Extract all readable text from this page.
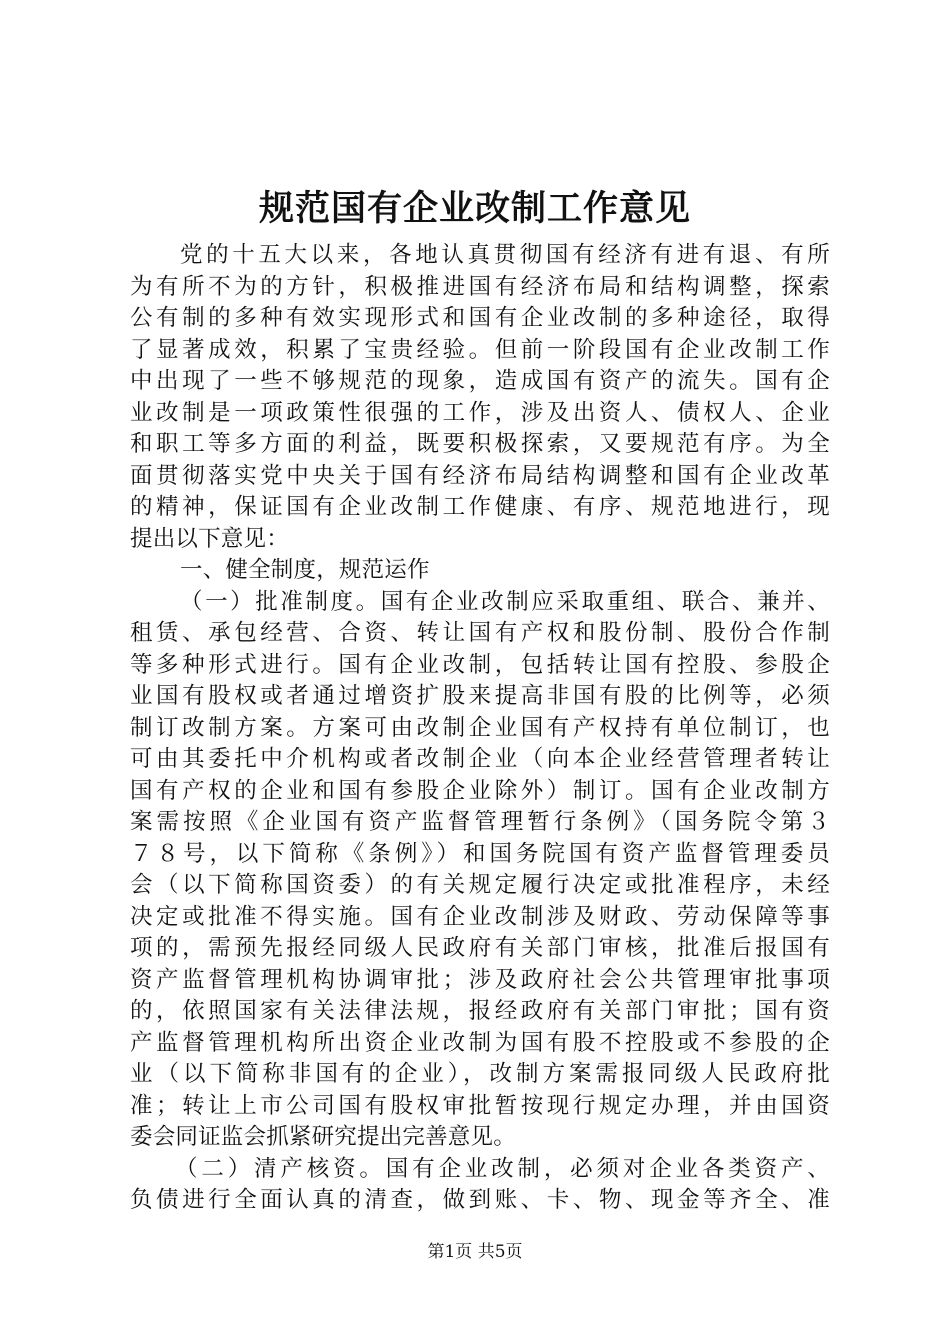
规范国有企业改制工作意见
党的十五大以来，各地认真贯彻国有经济有进有退、有所
为有所不为的方针，积极推进国有经济布局和结构调整，探索
公有制的多种有效实现形式和国有企业改制的多种途径，取得
了显著成效，积累了宝贵经验。但前一阶段国有企业改制工作
中出现了一些不够规范的现象，造成国有资产的流失。国有企
业改制是一项政策性很强的工作，涉及出资人、债权人、企业
和职工等多方面的利益，既要积极探索，又要规范有序。为全
面贯彻落实党中央关于国有经济布局结构调整和国有企业改革
的精神，保证国有企业改制工作健康、有序、规范地进行，现
提出以下意见：
一、健全制度，规范运作
（一）批准制度。国有企业改制应采取重组、联合、兼并、
租赁、承包经营、合资、转让国有产权和股份制、股份合作制
等多种形式进行。国有企业改制，包括转让国有控股、参股企
业国有股权或者通过增资扩股来提高非国有股的比例等，必须
制订改制方案。方案可由改制企业国有产权持有单位制订，也
可由其委托中介机构或者改制企业（向本企业经营管理者转让
国有产权的企业和国有参股企业除外）制订。国有企业改制方
案需按照《企业国有资产监督管理暂行条例》（国务院令第３
７８号，以下简称《条例》）和国务院国有资产监督管理委员
会（以下简称国资委）的有关规定履行决定或批准程序，未经
决定或批准不得实施。国有企业改制涉及财政、劳动保障等事
项的，需预先报经同级人民政府有关部门审核，批准后报国有
资产监督管理机构协调审批；涉及政府社会公共管理审批事项
的，依照国家有关法律法规，报经政府有关部门审批；国有资
产监督管理机构所出资企业改制为国有股不控股或不参股的企
业（以下简称非国有的企业），改制方案需报同级人民政府批
准；转让上市公司国有股权审批暂按现行规定办理，并由国资
委会同证监会抓紧研究提出完善意见。
（二）清产核资。国有企业改制，必须对企业各类资产、
负债进行全面认真的清查，做到账、卡、物、现金等齐全、准
第1页 共5页
